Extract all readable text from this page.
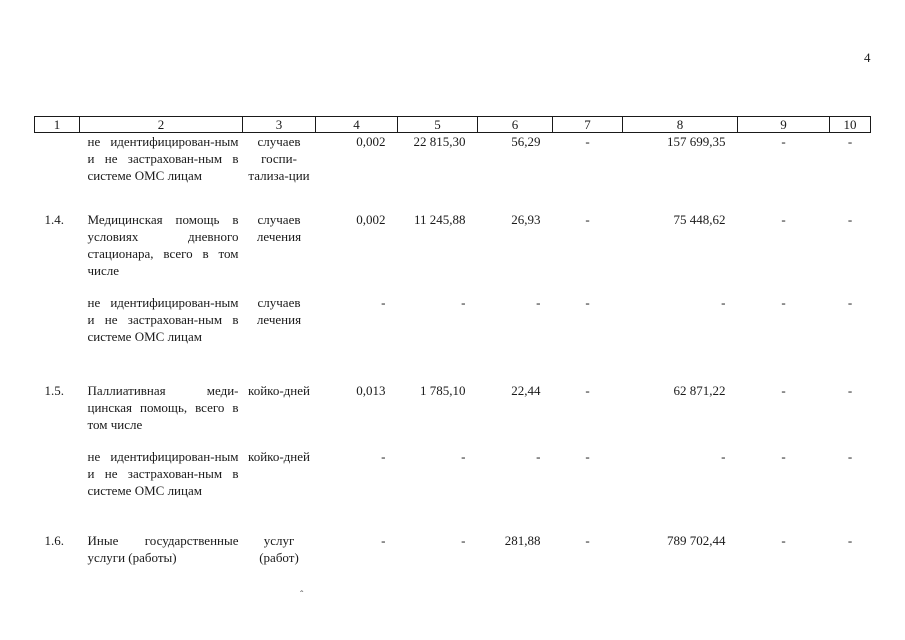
4
1	2	3	4	5	6	7	8	9	10
	не идентифицирован-ным и не застрахован-ным в системе ОМС лицам	случаев госпи-тализа-ции	0,002	22 815,30	56,29	-	157 699,35	-	-
1.4.	Медицинская помощь в условиях дневного стационара, всего в том числе	случаев лечения	0,002	11 245,88	26,93	-	75 448,62	-	-
	не идентифицирован-ным и не застрахован-ным в системе ОМС лицам	случаев лечения	-	-	-	-	-	-	-
1.5.	Паллиативная меди-цинская помощь, всего в том числе	койко-дней	0,013	1 785,10	22,44	-	62 871,22	-	-
	не идентифицирован-ным и не застрахован-ным в системе ОМС лицам	койко-дней	-	-	-	-	-	-	-
1.6.	Иные государственные услуги (работы)	услуг (работ)	-	-	281,88	-	789 702,44	-	-
ˆ
